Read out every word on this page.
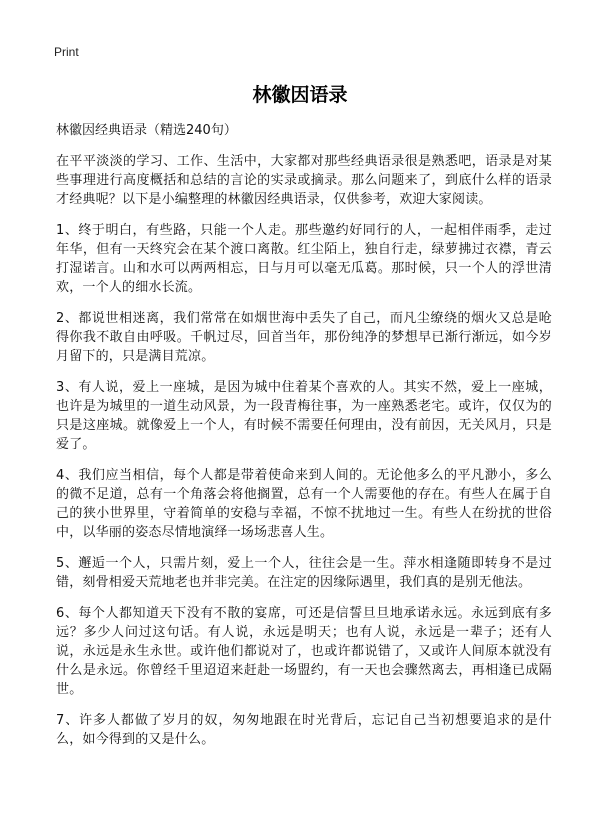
Print
林徽因语录

林徽因经典语录（精选240句）

在平平淡淡的学习、工作、生活中，大家都对那些经典语录很是熟悉吧，语录是对某些事理进行高度概括和总结的言论的实录或摘录。那么问题来了，到底什么样的语录才经典呢？以下是小编整理的林徽因经典语录，仅供参考，欢迎大家阅读。

1、终于明白，有些路，只能一个人走。那些邀约好同行的人，一起相伴雨季，走过年华，但有一天终究会在某个渡口离散。红尘陌上，独自行走，绿萝拂过衣襟，青云打湿诺言。山和水可以两两相忘，日与月可以毫无瓜葛。那时候，只一个人的浮世清欢，一个人的细水长流。

2、都说世相迷离，我们常常在如烟世海中丢失了自己，而凡尘缭绕的烟火又总是呛得你我不敢自由呼吸。千帆过尽，回首当年，那份纯净的梦想早已渐行渐远，如今岁月留下的，只是满目荒凉。

3、有人说，爱上一座城，是因为城中住着某个喜欢的人。其实不然，爱上一座城，也许是为城里的一道生动风景，为一段青梅往事，为一座熟悉老宅。或许，仅仅为的只是这座城。就像爱上一个人，有时候不需要任何理由，没有前因，无关风月，只是爱了。

4、我们应当相信，每个人都是带着使命来到人间的。无论他多么的平凡渺小，多么的微不足道，总有一个角落会将他搁置，总有一个人需要他的存在。有些人在属于自己的狭小世界里，守着简单的安稳与幸福，不惊不扰地过一生。有些人在纷扰的世俗中，以华丽的姿态尽情地演绎一场场悲喜人生。

5、邂逅一个人，只需片刻，爱上一个人，往往会是一生。萍水相逢随即转身不是过错，刻骨相爱天荒地老也并非完美。在注定的因缘际遇里，我们真的是别无他法。

6、每个人都知道天下没有不散的宴席，可还是信誓旦旦地承诺永远。永远到底有多远？多少人问过这句话。有人说，永远是明天；也有人说，永远是一辈子；还有人说，永远是永生永世。或许他们都说对了，也或许都说错了，又或许人间原本就没有什么是永远。你曾经千里迢迢来赶赴一场盟约，有一天也会骤然离去，再相逢已成隔世。

7、许多人都做了岁月的奴，匆匆地跟在时光背后，忘记自己当初想要追求的是什么，如今得到的又是什么。
